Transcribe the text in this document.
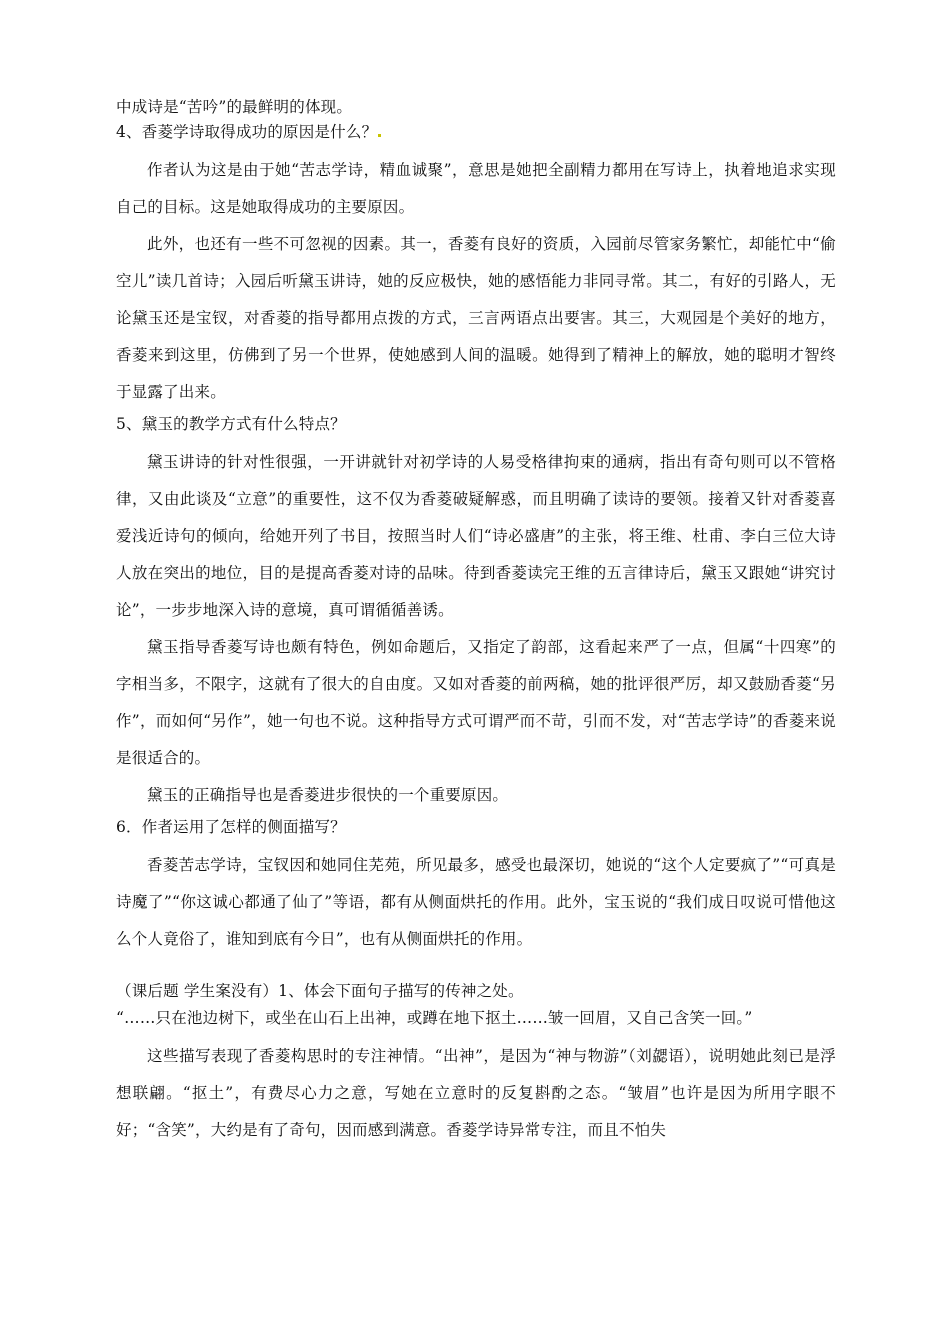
中成诗是“苦吟”的最鲜明的体现。

4、香菱学诗取得成功的原因是什么？

作者认为这是由于她“苦志学诗，精血诚聚”，意思是她把全副精力都用在写诗上，执着地追求实现自己的目标。这是她取得成功的主要原因。

此外，也还有一些不可忽视的因素。其一，香菱有良好的资质，入园前尽管家务繁忙，却能忙中“偷空儿”读几首诗；入园后听黛玉讲诗，她的反应极快，她的感悟能力非同寻常。其二，有好的引路人，无论黛玉还是宝钗，对香菱的指导都用点拨的方式，三言两语点出要害。其三，大观园是个美好的地方，香菱来到这里，仿佛到了另一个世界，使她感到人间的温暖。她得到了精神上的解放，她的聪明才智终于显露了出来。

5、黛玉的教学方式有什么特点？

黛玉讲诗的针对性很强，一开讲就针对初学诗的人易受格律拘束的通病，指出有奇句则可以不管格律，又由此谈及“立意”的重要性，这不仅为香菱破疑解惑，而且明确了读诗的要领。接着又针对香菱喜爱浅近诗句的倾向，给她开列了书目，按照当时人们“诗必盛唐”的主张，将王维、杜甫、李白三位大诗人放在突出的地位，目的是提高香菱对诗的品味。待到香菱读完王维的五言律诗后，黛玉又跟她“讲究讨论”，一步步地深入诗的意境，真可谓循循善诱。

黛玉指导香菱写诗也颇有特色，例如命题后，又指定了韵部，这看起来严了一点，但属“十四寒”的字相当多，不限字，这就有了很大的自由度。又如对香菱的前两稿，她的批评很严厉，却又鼓励香菱“另作”，而如何“另作”，她一句也不说。这种指导方式可谓严而不苛，引而不发，对“苦志学诗”的香菱来说是很适合的。

黛玉的正确指导也是香菱进步很快的一个重要原因。

6．作者运用了怎样的侧面描写？

香菱苦志学诗，宝钗因和她同住芜苑，所见最多，感受也最深切，她说的“这个人定要疯了”“可真是诗魔了”“你这诚心都通了仙了”等语，都有从侧面烘托的作用。此外，宝玉说的“我们成日叹说可惜他这么个人竟俗了，谁知到底有今日”，也有从侧面烘托的作用。

（课后题 学生案没有）1、体会下面句子描写的传神之处。

“……只在池边树下，或坐在山石上出神，或蹲在地下抠土……皱一回眉，又自己含笑一回。”

这些描写表现了香菱构思时的专注神情。“出神”，是因为“神与物游”（刘勰语），说明她此刻已是浮想联翩。“抠土”，有费尽心力之意，写她在立意时的反复斟酌之态。“皱眉”也许是因为所用字眼不好；“含笑”，大约是有了奇句，因而感到满意。香菱学诗异常专注，而且不怕失
